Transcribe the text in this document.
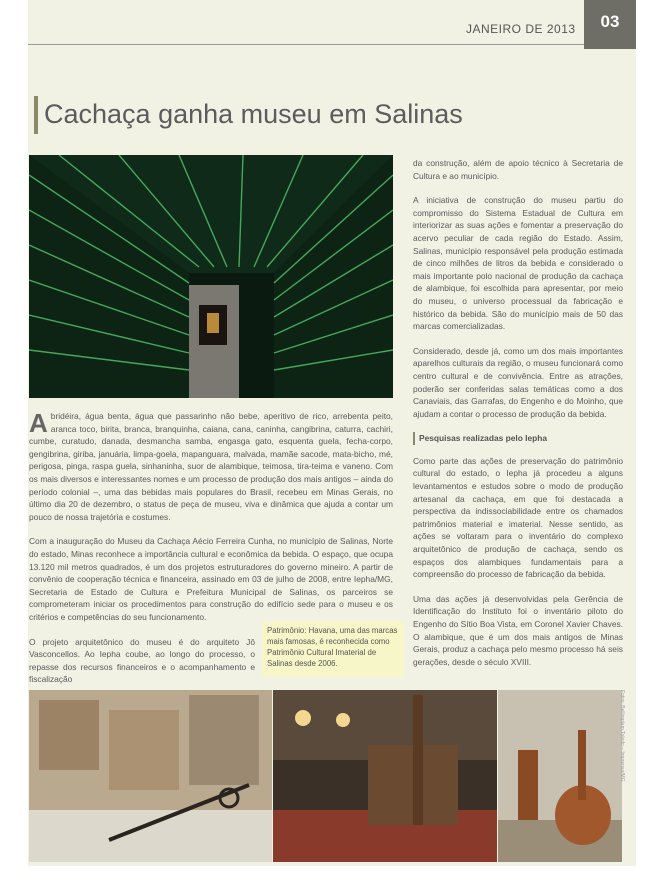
JANEIRO DE 2013	03
Cachaça ganha museu em Salinas

Abridéira, água benta, água que passarinho não bebe, aperitivo de rico, arrebenta peito, aranca toco, birita, branca, branquinha, caiana, cana, caninha, cangibrina, caturra, cachiri, cumbe, curatudo, danada, desmancha samba, engasga gato, esquenta guela, fecha-corpo, gengibrina, giriba, januária, limpa-goela, mapanguara, malvada, mamãe sacode, mata-bicho, mé, perigosa, pinga, raspa guela, sinhaninha, suor de alambique, teimosa, tira-teima e vaneno. Com os mais diversos e interessantes nomes e um processo de produção dos mais antigos – ainda do período colonial –, uma das bebidas mais populares do Brasil, recebeu em Minas Gerais, no último dia 20 de dezembro, o status de peça de museu, viva e dinâmica que ajuda a contar um pouco de nossa trajetória e costumes.

Com a inauguração do Museu da Cachaça Aécio Ferreira Cunha, no município de Salinas, Norte do estado, Minas reconhece a importância cultural e econômica da bebida. O espaço, que ocupa 13.120 mil metros quadrados, é um dos projetos estruturadores do governo mineiro. A partir de convênio de cooperação técnica e financeira, assinado em 03 de julho de 2008, entre Iepha/MG, Secretaria de Estado de Cultura e Prefeitura Municipal de Salinas, os parceiros se comprometeram iniciar os procedimentos para construção do edifício sede para o museu e os critérios e competências do seu funcionamento.

O projeto arquitetônico do museu é do arquiteto Jô Vasconcellos. Ao Iepha coube, ao longo do processo, o repasse dos recursos financeiros e o acompanhamento e fiscalização

Patrimônio: Havana, uma das marcas mais famosas, é reconhecida como Patrimônio Cultural Imaterial de Salinas desde 2006.

da construção, além de apoio técnico à Secretaria de Cultura e ao município.

A iniciativa de construção do museu partiu do compromisso do Sistema Estadual de Cultura em interiorizar as suas ações e fomentar a preservação do acervo peculiar de cada região do Estado. Assim, Salinas, município responsável pela produção estimada de cinco milhões de litros da bebida e considerado o mais importante polo nacional de produção da cachaça de alambique, foi escolhida para apresentar, por meio do museu, o universo processual da fabricação e histórico da bebida. São do município mais de 50 das marcas comercializadas.

Considerado, desde já, como um dos mais importantes aparelhos culturais da região, o museu funcionará como centro cultural e de convivência. Entre as atrações, poderão ser conferidas salas temáticas como a dos Canaviais, das Garrafas, do Engenho e do Moinho, que ajudam a contar o processo de produção da bebida.

Pesquisas realizadas pelo Iepha

Como parte das ações de preservação do patrimônio cultural do estado, o Iepha já procedeu a alguns levantamentos e estudos sobre o modo de produção artesanal da cachaça, em que foi destacada a perspectiva da indissociabilidade entre os chamados patrimônios material e imaterial. Nesse sentido, as ações se voltaram para o inventário do complexo arquitetônico de produção de cachaça, sendo os espaços dos alambiques fundamentais para a compreensão do processo de fabricação da bebida.

Uma das ações já desenvolvidas pela Gerência de Identificação do Instituto foi o inventário piloto do Engenho do Sítio Boa Vista, em Coronel Xavier Chaves. O alambique, que é um dos mais antigos de Minas Gerais, produz a cachaça pelo mesmo processo há seis gerações, desde o século XVIII.

Fotos: Bellimplam Toledo – Imprensa/MG
